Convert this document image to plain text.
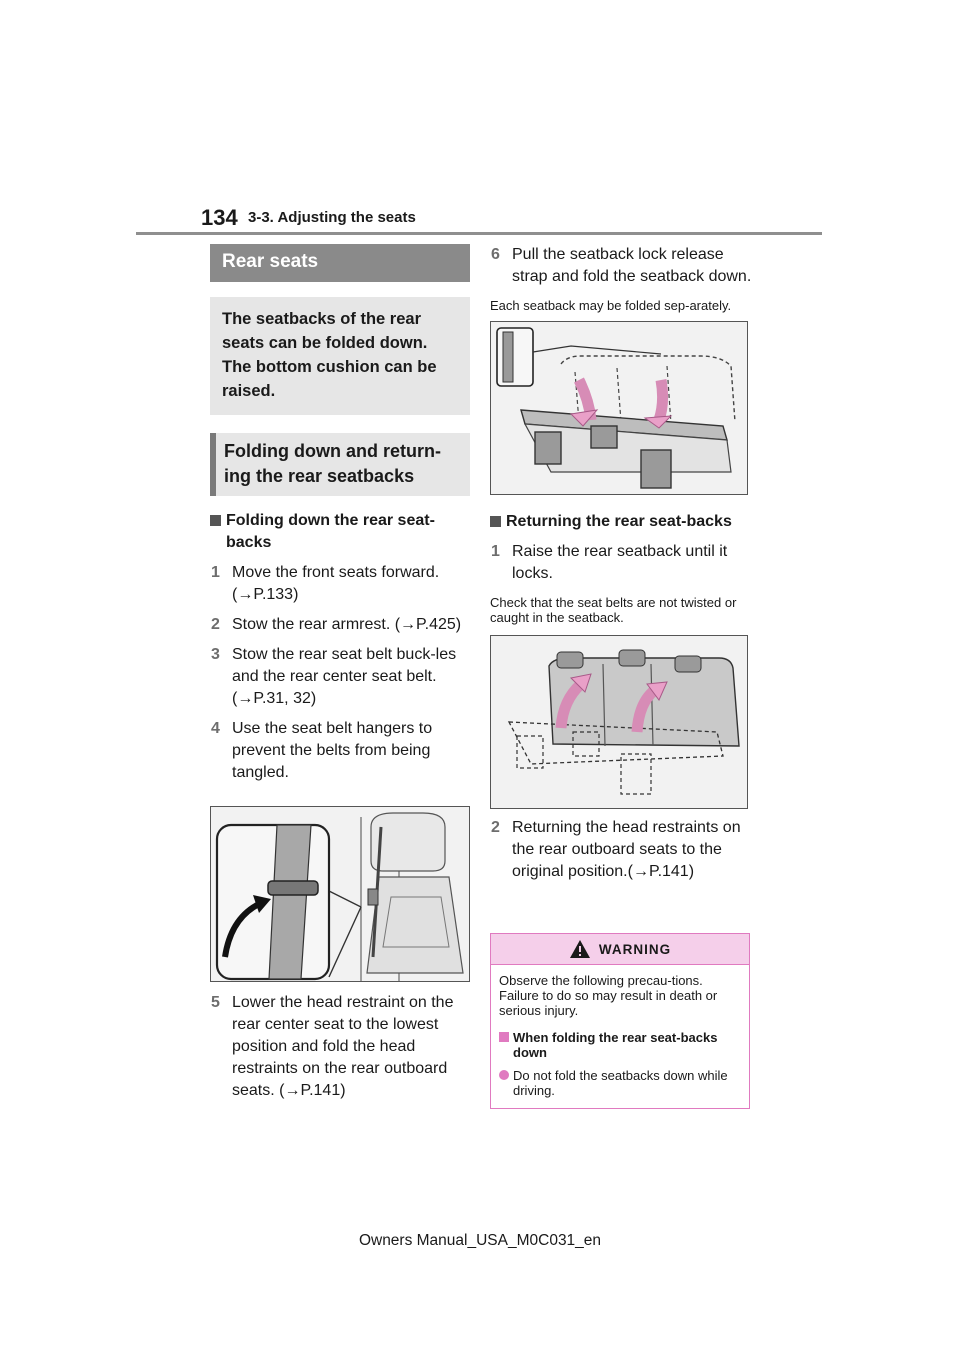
134 3-3. Adjusting the seats
Rear seats
The seatbacks of the rear seats can be folded down. The bottom cushion can be raised.
Folding down and return-ing the rear seatbacks
Folding down the rear seat-backs
1 Move the front seats forward. (→P.133)
2 Stow the rear armrest. (→P.425)
3 Stow the rear seat belt buck-les and the rear center seat belt. (→P.31, 32)
4 Use the seat belt hangers to prevent the belts from being tangled.
5 Lower the head restraint on the rear center seat to the lowest position and fold the head restraints on the rear outboard seats. (→P.141)
6 Pull the seatback lock release strap and fold the seatback down.
Each seatback may be folded sep-arately.
Returning the rear seat-backs
1 Raise the rear seatback until it locks.
Check that the seat belts are not twisted or caught in the seatback.
2 Returning the head restraints on the rear outboard seats to the original position.(→P.141)
WARNING
Observe the following precau-tions. Failure to do so may result in death or serious injury.
When folding the rear seat-backs down
Do not fold the seatbacks down while driving.
Owners Manual_USA_M0C031_en
